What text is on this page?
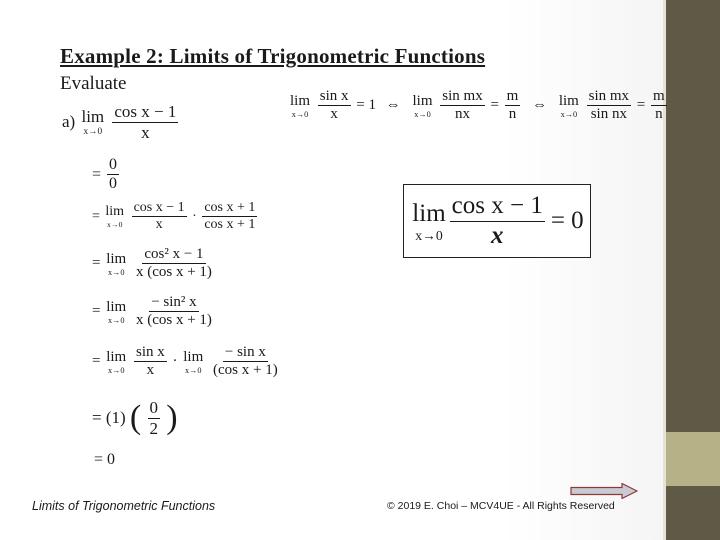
Example 2: Limits of Trigonometric Functions
Evaluate
a) lim
x→0
$\frac{\text{cos x − 1}}{x}$
lim
x→0
$\frac{\text{sin x}}{x} = 1$ ⇔ lim
x→0
$\frac{\text{sin mx}}{nx} = \frac{m}{n}$ ⇔ lim
x→0
$\frac{\text{sin mx}}{\text{sin nx}} = \frac{m}{n}$
= $\frac{0}{0}$
= lim
x→0
$\frac{\text{cos x − 1}}{x} \cdot \frac{\text{cos x + 1}}{\text{cos x + 1}}$
= lim
x→0
$\frac{\text{cos² x − 1}}{\text{x (cos x + 1)}}$
= lim
x→0
$\frac{\text{− sin² x}}{\text{x (cos x + 1)}}$
= lim
x→0
$\frac{\text{sin x}}{x} \cdot \lim$
x→0
$\frac{\text{− sin x}}{\text{(cos x + 1)}}$
= (1) ( $\frac{0}{2}$ )
= 0
lim
$x\to 0 \frac{\text{cos x − 1}}{x} = 0$
Limits of Trigonometric Functions	© 2019 E. Choi – MCV4UE - All Rights Reserved
